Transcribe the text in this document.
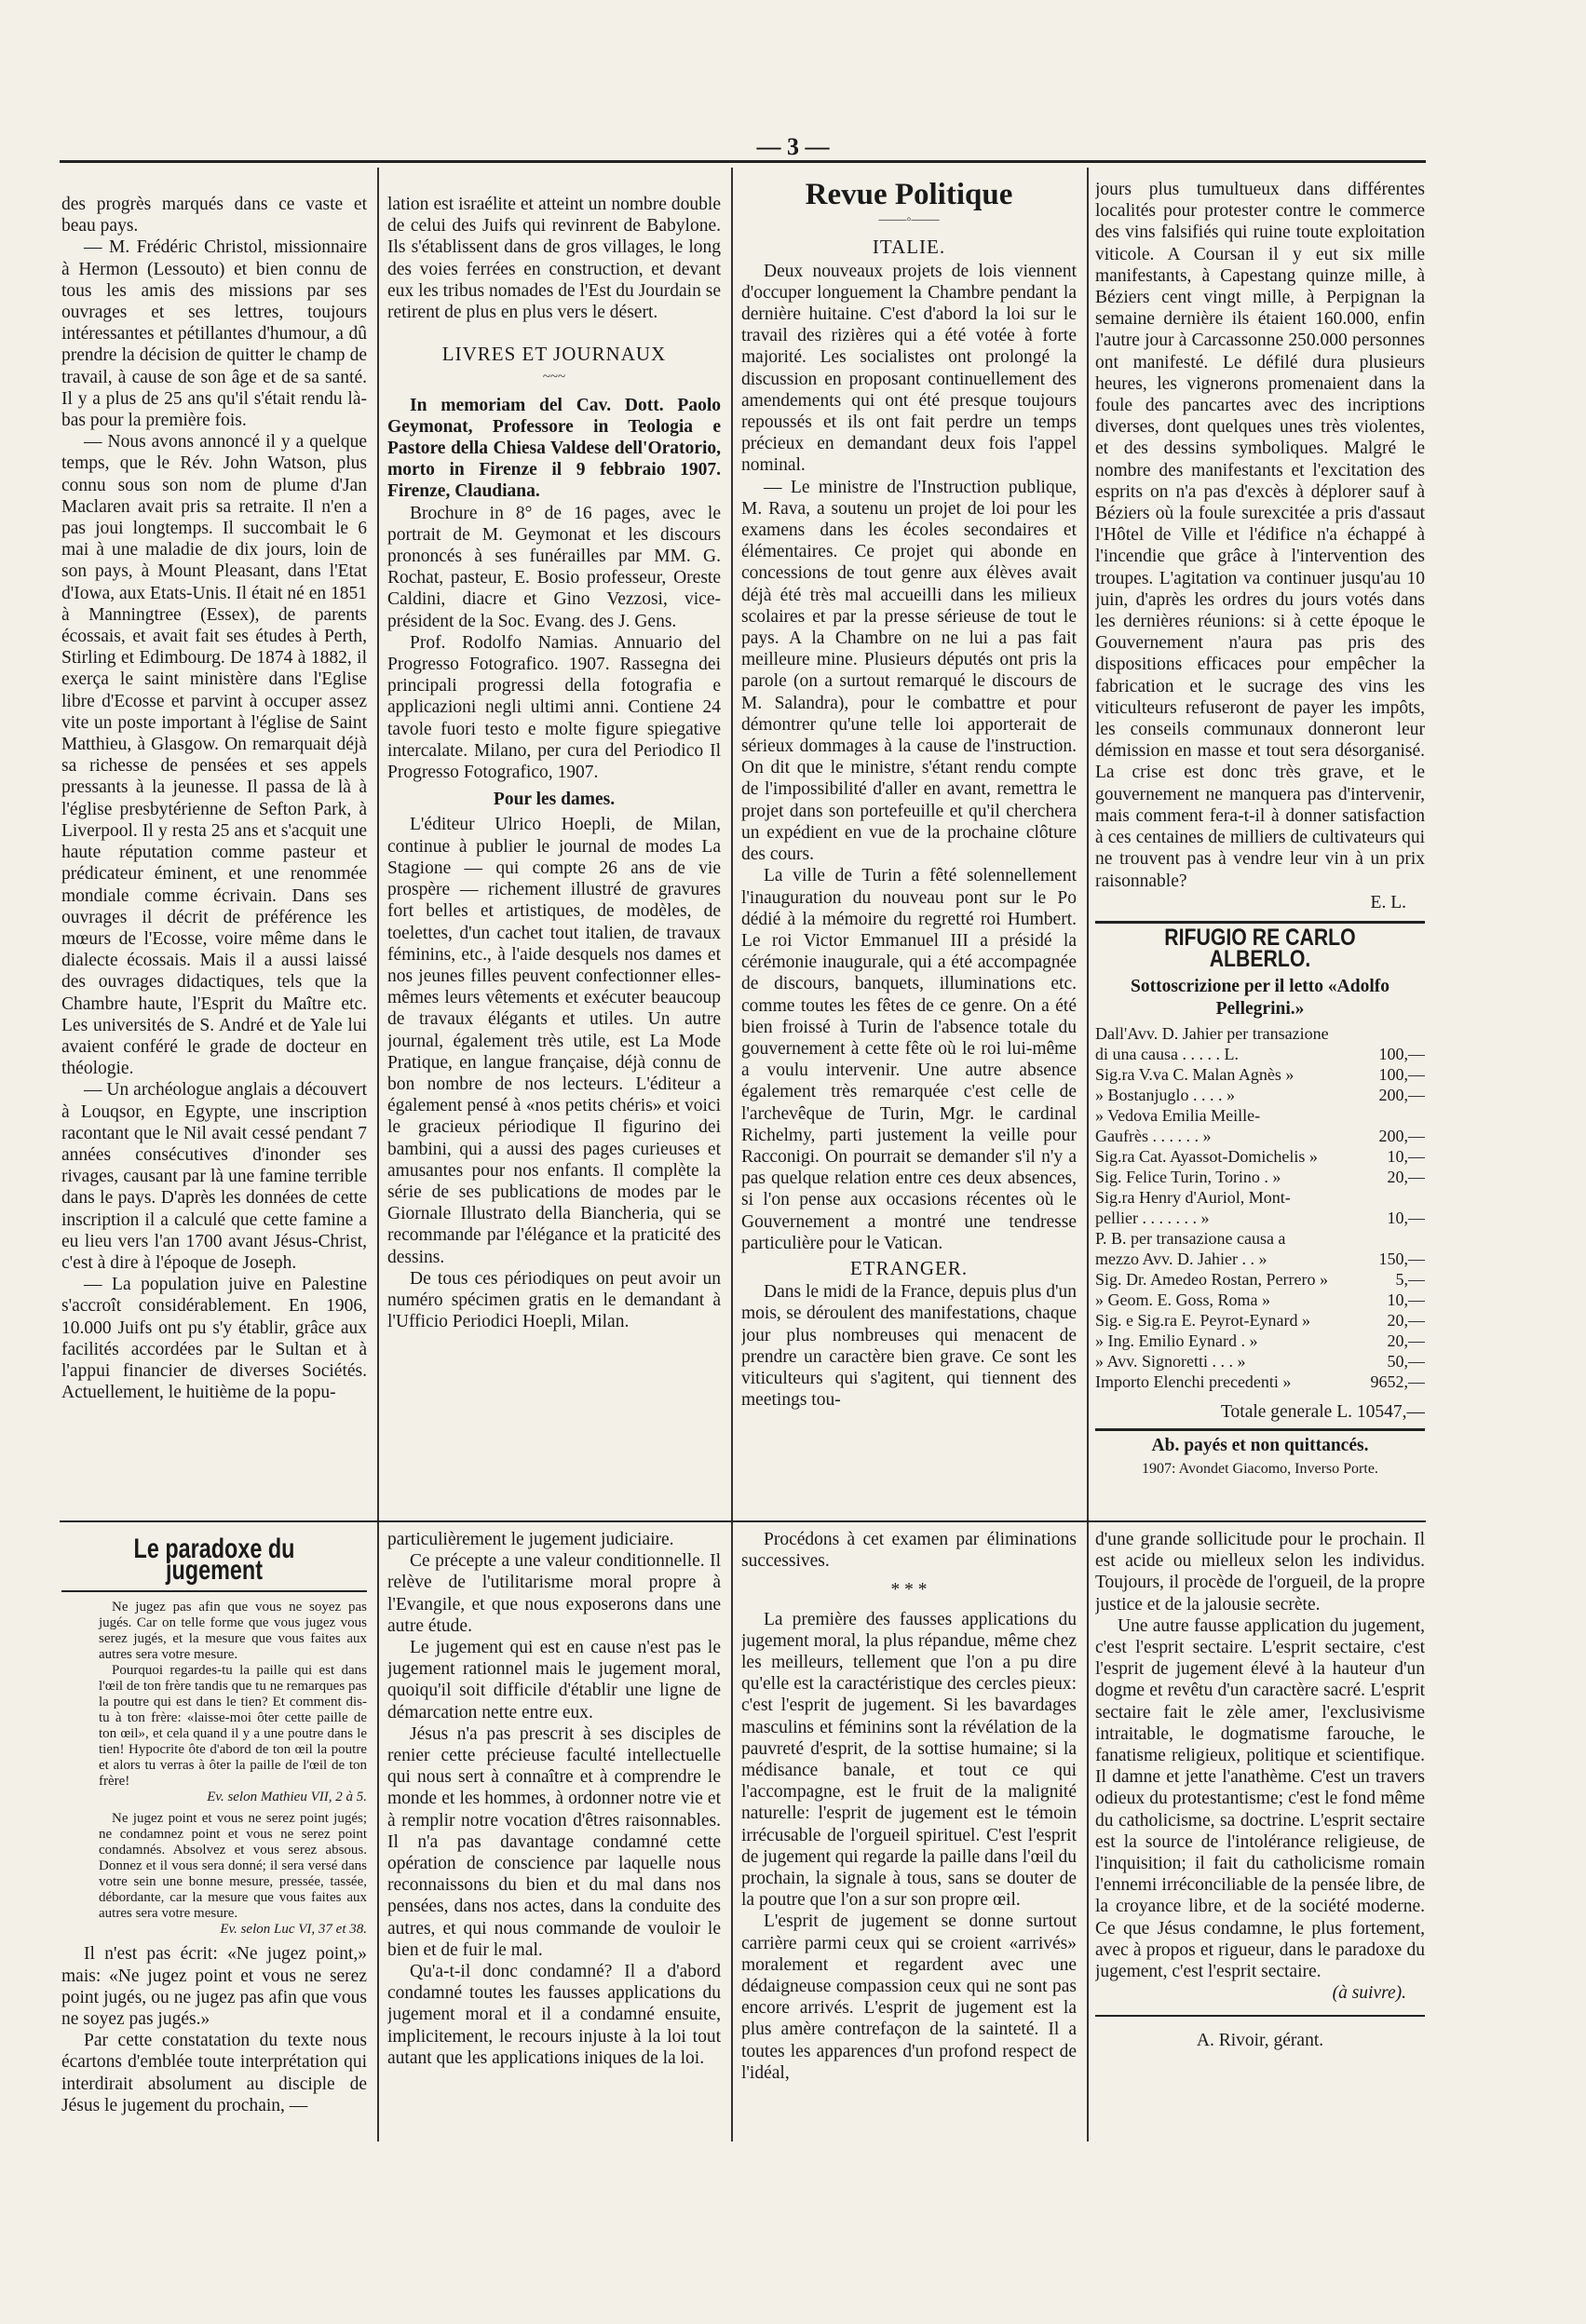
— 3 —

des progrès marqués dans ce vaste et beau pays.

— M. Frédéric Christol, missionnaire à Hermon (Lessouto) et bien connu de tous les amis des missions par ses ouvrages et ses lettres, toujours intéressantes et pétillantes d'humour, a dû prendre la décision de quitter le champ de travail, à cause de son âge et de sa santé. Il y a plus de 25 ans qu'il s'était rendu là-bas pour la première fois.

— Nous avons annoncé il y a quelque temps, que le Rév. John Watson, plus connu sous son nom de plume d'Jan Maclaren avait pris sa retraite. Il n'en a pas joui longtemps. Il succombait le 6 mai à une maladie de dix jours, loin de son pays, à Mount Pleasant, dans l'Etat d'Iowa, aux Etats-Unis. Il était né en 1851 à Manningtree (Essex), de parents écossais, et avait fait ses études à Perth, Stirling et Edimbourg. De 1874 à 1882, il exerça le saint ministère dans l'Eglise libre d'Ecosse et parvint à occuper assez vite un poste important à l'église de Saint Matthieu, à Glasgow. On remarquait déjà sa richesse de pensées et ses appels pressants à la jeunesse. Il passa de là à l'église presbytérienne de Sefton Park, à Liverpool. Il y resta 25 ans et s'acquit une haute réputation comme pasteur et prédicateur éminent, et une renommée mondiale comme écrivain. Dans ses ouvrages il décrit de préférence les mœurs de l'Ecosse, voire même dans le dialecte écossais. Mais il a aussi laissé des ouvrages didactiques, tels que la Chambre haute, l'Esprit du Maître etc. Les universités de S. André et de Yale lui avaient conféré le grade de docteur en théologie.

— Un archéologue anglais a découvert à Louqsor, en Egypte, une inscription racontant que le Nil avait cessé pendant 7 années consécutives d'inonder ses rivages, causant par là une famine terrible dans le pays. D'après les données de cette inscription il a calculé que cette famine a eu lieu vers l'an 1700 avant Jésus-Christ, c'est à dire à l'époque de Joseph.

— La population juive en Palestine s'accroît considérablement. En 1906, 10.000 Juifs ont pu s'y établir, grâce aux facilités accordées par le Sultan et à l'appui financier de diverses Sociétés. Actuellement, le huitième de la popu-

lation est israélite et atteint un nombre double de celui des Juifs qui revinrent de Babylone. Ils s'établissent dans de gros villages, le long des voies ferrées en construction, et devant eux les tribus nomades de l'Est du Jourdain se retirent de plus en plus vers le désert.

LIVRES ET JOURNAUX
~~~

In memoriam del Cav. Dott. Paolo Geymonat, Professore in Teologia e Pastore della Chiesa Valdese dell'Oratorio, morto in Firenze il 9 febbraio 1907. Firenze, Claudiana.

Brochure in 8° de 16 pages, avec le portrait de M. Geymonat et les discours prononcés à ses funérailles par MM. G. Rochat, pasteur, E. Bosio professeur, Oreste Caldini, diacre et Gino Vezzosi, vice-président de la Soc. Evang. des J. Gens.

Prof. Rodolfo Namias. Annuario del Progresso Fotografico. 1907. Rassegna dei principali progressi della fotografia e applicazioni negli ultimi anni. Contiene 24 tavole fuori testo e molte figure spiegative intercalate. Milano, per cura del Periodico Il Progresso Fotografico, 1907.

Pour les dames.

L'éditeur Ulrico Hoepli, de Milan, continue à publier le journal de modes La Stagione — qui compte 26 ans de vie prospère — richement illustré de gravures fort belles et artistiques, de modèles, de toelettes, d'un cachet tout italien, de travaux féminins, etc., à l'aide desquels nos dames et nos jeunes filles peuvent confectionner elles-mêmes leurs vêtements et exécuter beaucoup de travaux élégants et utiles. Un autre journal, également très utile, est La Mode Pratique, en langue française, déjà connu de bon nombre de nos lecteurs. L'éditeur a également pensé à «nos petits chéris» et voici le gracieux périodique Il figurino dei bambini, qui a aussi des pages curieuses et amusantes pour nos enfants. Il complète la série de ses publications de modes par le Giornale Illustrato della Biancheria, qui se recommande par l'élégance et la praticité des dessins.

De tous ces périodiques on peut avoir un numéro spécimen gratis en le demandant à l'Ufficio Periodici Hoepli, Milan.

Revue Politique
——◦——
ITALIE.

Deux nouveaux projets de lois viennent d'occuper longuement la Chambre pendant la dernière huitaine. C'est d'abord la loi sur le travail des rizières qui a été votée à forte majorité. Les socialistes ont prolongé la discussion en proposant continuellement des amendements qui ont été presque toujours repoussés et ils ont fait perdre un temps précieux en demandant deux fois l'appel nominal.

— Le ministre de l'Instruction publique, M. Rava, a soutenu un projet de loi pour les examens dans les écoles secondaires et élémentaires. Ce projet qui abonde en concessions de tout genre aux élèves avait déjà été très mal accueilli dans les milieux scolaires et par la presse sérieuse de tout le pays. A la Chambre on ne lui a pas fait meilleure mine. Plusieurs députés ont pris la parole (on a surtout remarqué le discours de M. Salandra), pour le combattre et pour démontrer qu'une telle loi apporterait de sérieux dommages à la cause de l'instruction. On dit que le ministre, s'étant rendu compte de l'impossibilité d'aller en avant, remettra le projet dans son portefeuille et qu'il cherchera un expédient en vue de la prochaine clôture des cours.

La ville de Turin a fêté solennellement l'inauguration du nouveau pont sur le Po dédié à la mémoire du regretté roi Humbert. Le roi Victor Emmanuel III a présidé la cérémonie inaugurale, qui a été accompagnée de discours, banquets, illuminations etc. comme toutes les fêtes de ce genre. On a été bien froissé à Turin de l'absence totale du gouvernement à cette fête où le roi lui-même a voulu intervenir. Une autre absence également très remarquée c'est celle de l'archevêque de Turin, Mgr. le cardinal Richelmy, parti justement la veille pour Racconigi. On pourrait se demander s'il n'y a pas quelque relation entre ces deux absences, si l'on pense aux occasions récentes où le Gouvernement a montré une tendresse particulière pour le Vatican.

ETRANGER.

Dans le midi de la France, depuis plus d'un mois, se déroulent des manifestations, chaque jour plus nombreuses qui menacent de prendre un caractère bien grave. Ce sont les viticulteurs qui s'agitent, qui tiennent des meetings tou-

jours plus tumultueux dans différentes localités pour protester contre le commerce des vins falsifiés qui ruine toute exploitation viticole. A Coursan il y eut six mille manifestants, à Capestang quinze mille, à Béziers cent vingt mille, à Perpignan la semaine dernière ils étaient 160.000, enfin l'autre jour à Carcassonne 250.000 personnes ont manifesté. Le défilé dura plusieurs heures, les vignerons promenaient dans la foule des pancartes avec des incriptions diverses, dont quelques unes très violentes, et des dessins symboliques. Malgré le nombre des manifestants et l'excitation des esprits on n'a pas d'excès à déplorer sauf à Béziers où la foule surexcitée a pris d'assaut l'Hôtel de Ville et l'édifice n'a échappé à l'incendie que grâce à l'intervention des troupes. L'agitation va continuer jusqu'au 10 juin, d'après les ordres du jours votés dans les dernières réunions: si à cette époque le Gouvernement n'aura pas pris des dispositions efficaces pour empêcher la fabrication et le sucrage des vins les viticulteurs refuseront de payer les impôts, les conseils communaux donneront leur démission en masse et tout sera désorganisé. La crise est donc très grave, et le gouvernement ne manquera pas d'intervenir, mais comment fera-t-il à donner satisfaction à ces centaines de milliers de cultivateurs qui ne trouvent pas à vendre leur vin à un prix raisonnable?

E. L.
RIFUGIO RE CARLO ALBERLO.
Sottoscrizione per il letto «Adolfo Pellegrini.»
Dall'Avv. D. Jahier per transazione
di una causa . . . . . L.	100,—
Sig.ra V.va C. Malan Agnès »	100,—
» Bostanjuglo . . . . »	200,—
» Vedova Emilia Meille-
Gaufrès . . . . . . »	200,—
Sig.ra Cat. Ayassot-Domichelis »	10,—
Sig. Felice Turin, Torino . »	20,—
Sig.ra Henry d'Auriol, Mont-
pellier . . . . . . . »	10,—
P. B. per transazione causa a
mezzo Avv. D. Jahier . . »	150,—
Sig. Dr. Amedeo Rostan, Perrero »	5,—
» Geom. E. Goss, Roma »	10,—
Sig. e Sig.ra E. Peyrot-Eynard »	20,—
» Ing. Emilio Eynard . »	20,—
» Avv. Signoretti . . . »	50,—
Importo Elenchi precedenti »	9652,—
Totale generale L. 10547,—
Ab. payés et non quittancés.
1907: Avondet Giacomo, Inverso Porte.
Le paradoxe du jugement

Ne jugez pas afin que vous ne soyez pas jugés. Car on telle forme que vous jugez vous serez jugés, et la mesure que vous faites aux autres sera votre mesure.

Pourquoi regardes-tu la paille qui est dans l'œil de ton frère tandis que tu ne remarques pas la poutre qui est dans le tien? Et comment dis-tu à ton frère: «laisse-moi ôter cette paille de ton œil», et cela quand il y a une poutre dans le tien! Hypocrite ôte d'abord de ton œil la poutre et alors tu verras à ôter la paille de l'œil de ton frère!

Ev. selon Mathieu VII, 2 à 5.

Ne jugez point et vous ne serez point jugés; ne condamnez point et vous ne serez point condamnés. Absolvez et vous serez absous. Donnez et il vous sera donné; il sera versé dans votre sein une bonne mesure, pressée, tassée, débordante, car la mesure que vous faites aux autres sera votre mesure.

Ev. selon Luc VI, 37 et 38.

Il n'est pas écrit: «Ne jugez point,» mais: «Ne jugez point et vous ne serez point jugés, ou ne jugez pas afin que vous ne soyez pas jugés.»

Par cette constatation du texte nous écartons d'emblée toute interprétation qui interdirait absolument au disciple de Jésus le jugement du prochain, —

particulièrement le jugement judiciaire.

Ce précepte a une valeur conditionnelle. Il relève de l'utilitarisme moral propre à l'Evangile, et que nous exposerons dans une autre étude.

Le jugement qui est en cause n'est pas le jugement rationnel mais le jugement moral, quoiqu'il soit difficile d'établir une ligne de démarcation nette entre eux.

Jésus n'a pas prescrit à ses disciples de renier cette précieuse faculté intellectuelle qui nous sert à connaître et à comprendre le monde et les hommes, à ordonner notre vie et à remplir notre vocation d'êtres raisonnables. Il n'a pas davantage condamné cette opération de conscience par laquelle nous reconnaissons du bien et du mal dans nos pensées, dans nos actes, dans la conduite des autres, et qui nous commande de vouloir le bien et de fuir le mal.

Qu'a-t-il donc condamné? Il a d'abord condamné toutes les fausses applications du jugement moral et il a condamné ensuite, implicitement, le recours injuste à la loi tout autant que les applications iniques de la loi.

Procédons à cet examen par éliminations successives.

* * *

La première des fausses applications du jugement moral, la plus répandue, même chez les meilleurs, tellement que l'on a pu dire qu'elle est la caractéristique des cercles pieux: c'est l'esprit de jugement. Si les bavardages masculins et féminins sont la révélation de la pauvreté d'esprit, de la sottise humaine; si la médisance banale, et tout ce qui l'accompagne, est le fruit de la malignité naturelle: l'esprit de jugement est le témoin irrécusable de l'orgueil spirituel. C'est l'esprit de jugement qui regarde la paille dans l'œil du prochain, la signale à tous, sans se douter de la poutre que l'on a sur son propre œil.

L'esprit de jugement se donne surtout carrière parmi ceux qui se croient «arrivés» moralement et regardent avec une dédaigneuse compassion ceux qui ne sont pas encore arrivés. L'esprit de jugement est la plus amère contrefaçon de la sainteté. Il a toutes les apparences d'un profond respect de l'idéal,

d'une grande sollicitude pour le prochain. Il est acide ou mielleux selon les individus. Toujours, il procède de l'orgueil, de la propre justice et de la jalousie secrète.

Une autre fausse application du jugement, c'est l'esprit sectaire. L'esprit sectaire, c'est l'esprit de jugement élevé à la hauteur d'un dogme et revêtu d'un caractère sacré. L'esprit sectaire fait le zèle amer, l'exclusivisme intraitable, le dogmatisme farouche, le fanatisme religieux, politique et scientifique. Il damne et jette l'anathème. C'est un travers odieux du protestantisme; c'est le fond même du catholicisme, sa doctrine. L'esprit sectaire est la source de l'intolérance religieuse, de l'inquisition; il fait du catholicisme romain l'ennemi irréconciliable de la pensée libre, de la croyance libre, et de la société moderne. Ce que Jésus condamne, le plus fortement, avec à propos et rigueur, dans le paradoxe du jugement, c'est l'esprit sectaire.

(à suivre).
A. Rivoir, gérant.
